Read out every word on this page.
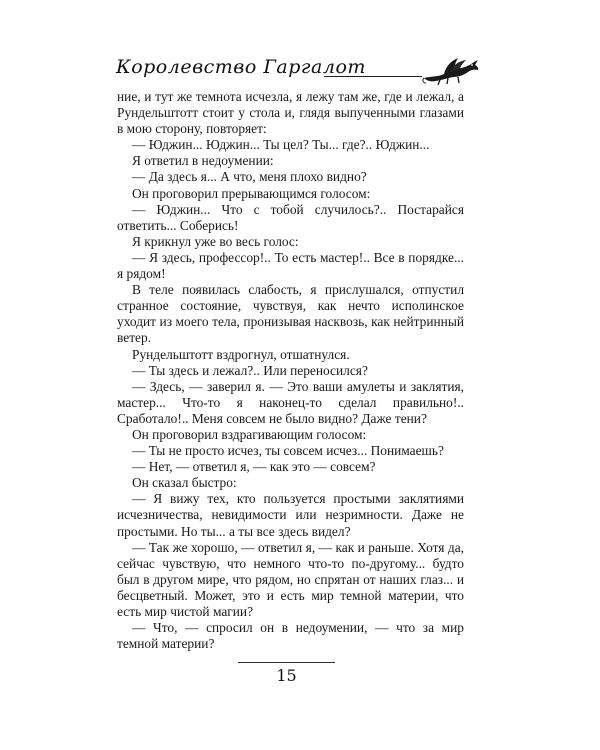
Королевство Гаргалот

ние, и тут же темнота исчезла, я лежу там же, где и лежал, а Рундельштотт стоит у стола и, глядя выпученными глазами в мою сторону, повторяет:

— Юджин... Юджин... Ты цел? Ты... где?.. Юджин...

Я ответил в недоумении:

— Да здесь я... А что, меня плохо видно?

Он проговорил прерывающимся голосом:

— Юджин... Что с тобой случилось?.. Постарайся ответить... Соберись!

Я крикнул уже во весь голос:

— Я здесь, профессор!.. То есть мастер!.. Все в порядке... я рядом!

В теле появилась слабость, я прислушался, отпустил странное состояние, чувствуя, как нечто исполинское уходит из моего тела, пронизывая насквозь, как нейтринный ветер.

Рундельштотт вздрогнул, отшатнулся.

— Ты здесь и лежал?.. Или переносился?

— Здесь, — заверил я. — Это ваши амулеты и заклятия, мастер... Что-то я наконец-то сделал правильно!.. Сработало!.. Меня совсем не было видно? Даже тени?

Он проговорил вздрагивающим голосом:

— Ты не просто исчез, ты совсем исчез... Понимаешь?

— Нет, — ответил я, — как это — совсем?

Он сказал быстро:

— Я вижу тех, кто пользуется простыми заклятиями исчезничества, невидимости или незримности. Даже не простыми. Но ты... а ты все здесь видел?

— Так же хорошо, — ответил я, — как и раньше. Хотя да, сейчас чувствую, что немного что-то по-другому... будто был в другом мире, что рядом, но спрятан от наших глаз... и бесцветный. Может, это и есть мир темной материи, что есть мир чистой магии?

— Что, — спросил он в недоумении, — что за мир темной материи?

15
